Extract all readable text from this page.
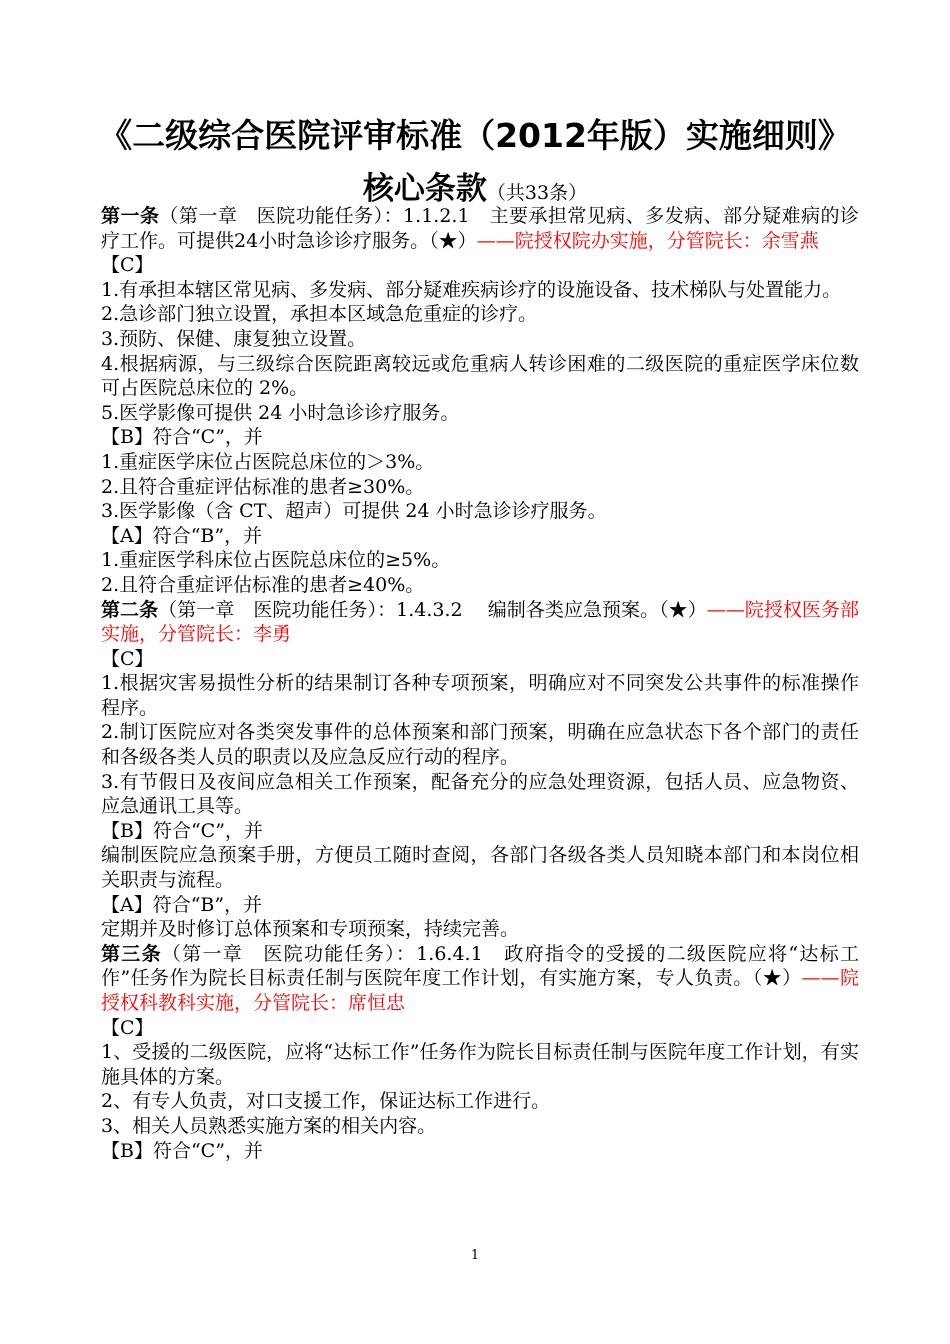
《二级综合医院评审标准（2012年版）实施细则》
核心条款（共33条）

第一条（第一章　医院功能任务）：1.1.2.1　主要承担常见病、多发病、部分疑难病的诊疗工作。可提供24小时急诊诊疗服务。（★）——院授权院办实施，分管院长：余雪燕

【C】

1.有承担本辖区常见病、多发病、部分疑难疾病诊疗的设施设备、技术梯队与处置能力。

2.急诊部门独立设置，承担本区域急危重症的诊疗。

3.预防、保健、康复独立设置。

4.根据病源，与三级综合医院距离较远或危重病人转诊困难的二级医院的重症医学床位数可占医院总床位的 2%。

5.医学影像可提供 24 小时急诊诊疗服务。

【B】符合“C”，并

1.重症医学床位占医院总床位的＞3%。

2.且符合重症评估标准的患者≥30%。

3.医学影像（含 CT、超声）可提供 24 小时急诊诊疗服务。

【A】符合“B”，并

1.重症医学科床位占医院总床位的≥5%。

2.且符合重症评估标准的患者≥40%。

第二条（第一章　医院功能任务）：1.4.3.2　 编制各类应急预案。（★）——院授权医务部实施，分管院长：李勇

【C】

1.根据灾害易损性分析的结果制订各种专项预案，明确应对不同突发公共事件的标准操作程序。

2.制订医院应对各类突发事件的总体预案和部门预案，明确在应急状态下各个部门的责任和各级各类人员的职责以及应急反应行动的程序。

3.有节假日及夜间应急相关工作预案，配备充分的应急处理资源，包括人员、应急物资、应急通讯工具等。

【B】符合“C”，并

编制医院应急预案手册，方便员工随时查阅，各部门各级各类人员知晓本部门和本岗位相关职责与流程。

【A】符合“B”，并

定期并及时修订总体预案和专项预案，持续完善。

第三条（第一章　医院功能任务）：1.6.4.1　政府指令的受援的二级医院应将“达标工作”任务作为院长目标责任制与医院年度工作计划，有实施方案，专人负责。（★）——院授权科教科实施，分管院长：席恒忠

【C】

1、受援的二级医院，应将“达标工作”任务作为院长目标责任制与医院年度工作计划，有实施具体的方案。

2、有专人负责，对口支援工作，保证达标工作进行。

3、相关人员熟悉实施方案的相关内容。

【B】符合“C”，并

1
